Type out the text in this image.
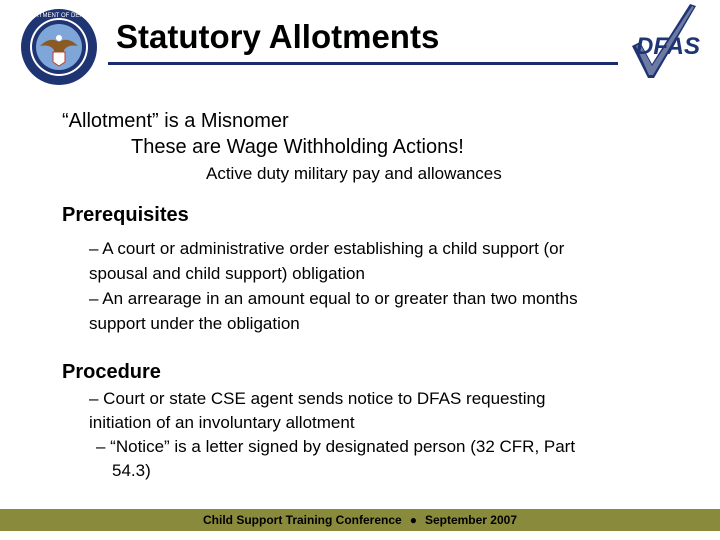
DEPARTMENT OF DEFENSE
Statutory Allotments	DFAS
“Allotment” is a Misnomer
These are Wage Withholding Actions!
Active duty military pay and allowances
Prerequisites
– A court or administrative order establishing a child support (or
spousal and child support) obligation
– An arrearage in an amount equal to or greater than two months
support under the obligation
Procedure
– Court or state CSE agent sends notice to DFAS requesting
initiation of an involuntary allotment
– “Notice” is a letter signed by designated person (32 CFR, Part
54.3)
Child Support Training Conference ● September 2007
